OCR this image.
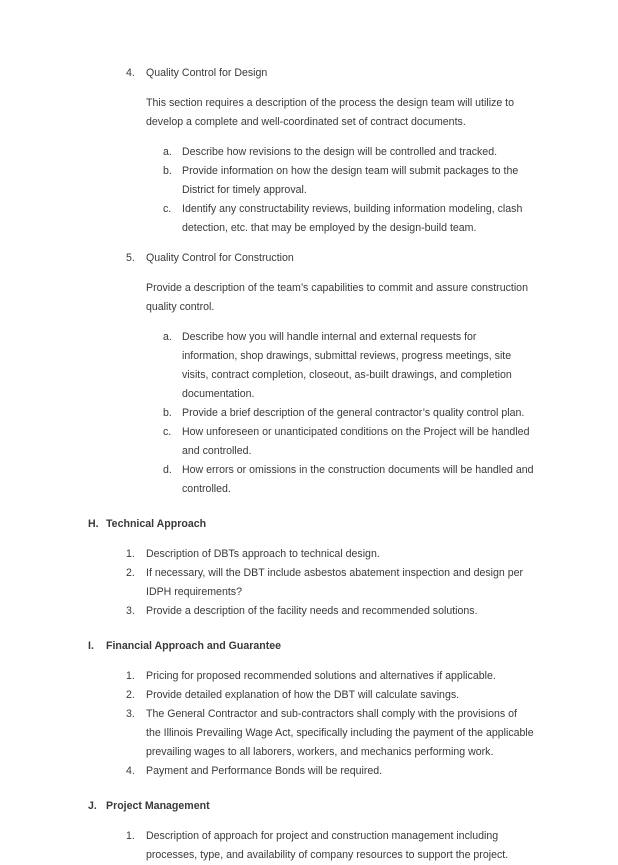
4.	Quality Control for Design
This section requires a description of the process the design team will utilize to develop a complete and well-coordinated set of contract documents.
a. Describe how revisions to the design will be controlled and tracked.
b. Provide information on how the design team will submit packages to the District for timely approval.
c.	Identify any constructability reviews, building information modeling, clash detection, etc. that may be employed by the design-build team.
5.	Quality Control for Construction
Provide a description of the team’s capabilities to commit and assure construction quality control.
a. Describe how you will handle internal and external requests for information, shop drawings, submittal reviews, progress meetings, site visits, contract completion, closeout, as-built drawings, and completion documentation.
b. Provide a brief description of the general contractor’s quality control plan.
c.	How unforeseen or unanticipated conditions on the Project will be handled and controlled.
d. How errors or omissions in the construction documents will be handled and controlled.
H. Technical Approach
1.	Description of DBTs approach to technical design.
2.	If necessary, will the DBT include asbestos abatement inspection and design per IDPH requirements?
3.	Provide a description of the facility needs and recommended solutions.
I.	Financial Approach and Guarantee
1.	Pricing for proposed recommended solutions and alternatives if applicable.
2.	Provide detailed explanation of how the DBT will calculate savings.
3.	The General Contractor and sub-contractors shall comply with the provisions of the Illinois Prevailing Wage Act, specifically including the payment of the applicable prevailing wages to all laborers, workers, and mechanics performing work.
4.	Payment and Performance Bonds will be required.
J. Project Management
1.	Description of approach for project and construction management including processes, type, and availability of company resources to support the project.
